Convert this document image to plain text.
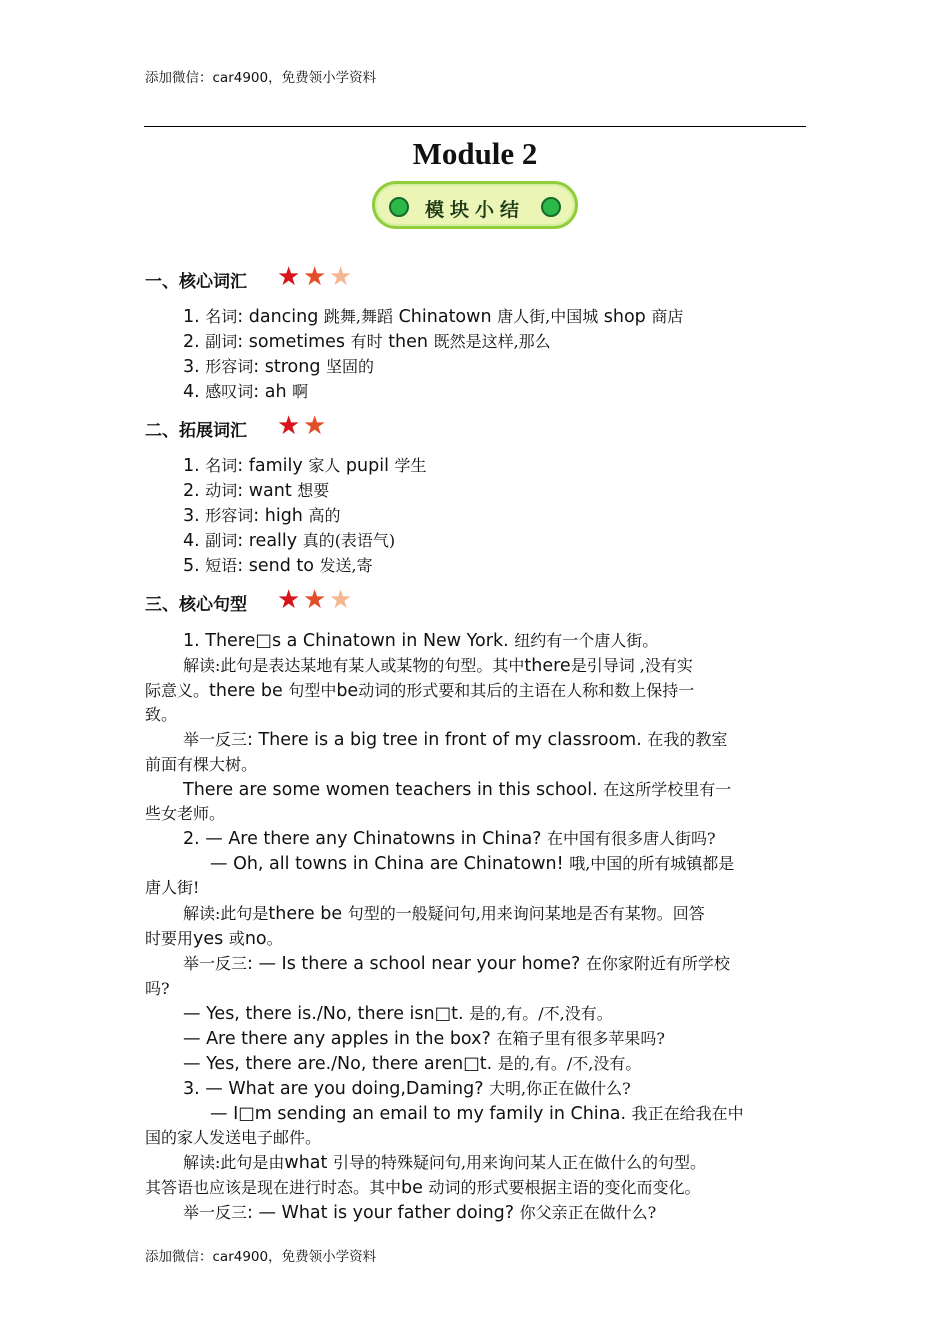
添加微信：car4900，免费领小学资料
Module 2
模块小结
一、核心词汇 ★ ★ ★
1. 名词: dancing 跳舞,舞蹈 Chinatown 唐人街,中国城 shop 商店
2. 副词: sometimes 有时 then 既然是这样,那么
3. 形容词: strong 坚固的
4. 感叹词: ah 啊
二、拓展词汇 ★ ★
1. 名词: family 家人 pupil 学生
2. 动词: want 想要
3. 形容词: high 高的
4. 副词: really 真的(表语气)
5. 短语: send to 发送,寄
三、核心句型 ★ ★ ★
1. There□s a Chinatown in New York. 纽约有一个唐人街。
解读:此句是表达某地有某人或某物的句型。其中there是引导词 ,没有实
际意义。there be 句型中be动词的形式要和其后的主语在人称和数上保持一
致。
举一反三: There is a big tree in front of my classroom. 在我的教室
前面有棵大树。
There are some women teachers in this school. 在这所学校里有一
些女老师。
2. — Are there any Chinatowns in China? 在中国有很多唐人街吗?
— Oh, all towns in China are Chinatown! 哦,中国的所有城镇都是
唐人街!
解读:此句是there be 句型的一般疑问句,用来询问某地是否有某物。回答
时要用yes 或no。
举一反三: — Is there a school near your home? 在你家附近有所学校
吗?
— Yes, there is./No, there isn□t. 是的,有。/不,没有。
— Are there any apples in the box? 在箱子里有很多苹果吗?
— Yes, there are./No, there aren□t. 是的,有。/不,没有。
3. — What are you doing,Daming? 大明,你正在做什么?
— I□m sending an email to my family in China. 我正在给我在中
国的家人发送电子邮件。
解读:此句是由what 引导的特殊疑问句,用来询问某人正在做什么的句型。
其答语也应该是现在进行时态。其中be 动词的形式要根据主语的变化而变化。
举一反三: — What is your father doing? 你父亲正在做什么?
添加微信：car4900，免费领小学资料
